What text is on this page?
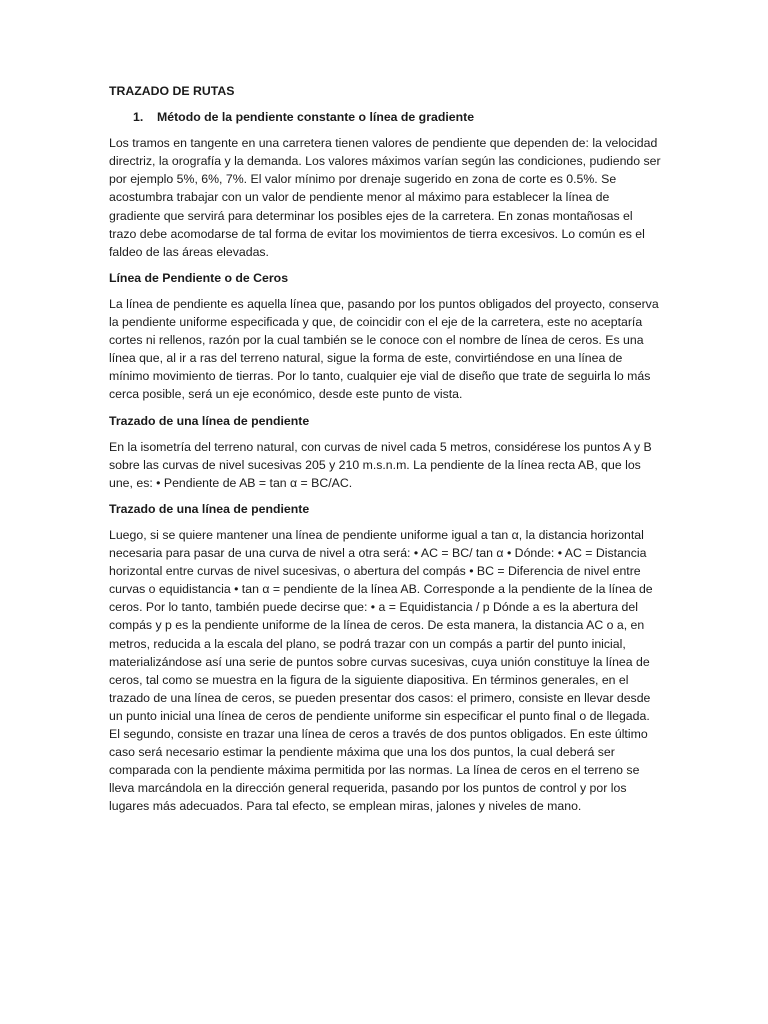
TRAZADO DE RUTAS

1.	Método de la pendiente constante o línea de gradiente

Los tramos en tangente en una carretera tienen valores de pendiente que dependen de: la velocidad directriz, la orografía y la demanda. Los valores máximos varían según las condiciones, pudiendo ser por ejemplo 5%, 6%, 7%. El valor mínimo por drenaje sugerido en zona de corte es 0.5%. Se acostumbra trabajar con un valor de pendiente menor al máximo para establecer la línea de gradiente que servirá para determinar los posibles ejes de la carretera. En zonas montañosas el trazo debe acomodarse de tal forma de evitar los movimientos de tierra excesivos. Lo común es el faldeo de las áreas elevadas.

Línea de Pendiente o de Ceros

La línea de pendiente es aquella línea que, pasando por los puntos obligados del proyecto, conserva la pendiente uniforme especificada y que, de coincidir con el eje de la carretera, este no aceptaría cortes ni rellenos, razón por la cual también se le conoce con el nombre de línea de ceros. Es una línea que, al ir a ras del terreno natural, sigue la forma de este, convirtiéndose en una línea de mínimo movimiento de tierras. Por lo tanto, cualquier eje vial de diseño que trate de seguirla lo más cerca posible, será un eje económico, desde este punto de vista.

Trazado de una línea de pendiente

En la isometría del terreno natural, con curvas de nivel cada 5 metros, considérese los puntos A y B sobre las curvas de nivel sucesivas 205 y 210 m.s.n.m. La pendiente de la línea recta AB, que los une, es: • Pendiente de AB = tan α = BC/AC.

Trazado de una línea de pendiente

Luego, si se quiere mantener una línea de pendiente uniforme igual a tan α, la distancia horizontal necesaria para pasar de una curva de nivel a otra será: • AC = BC/ tan α • Dónde: • AC = Distancia horizontal entre curvas de nivel sucesivas, o abertura del compás • BC = Diferencia de nivel entre curvas o equidistancia • tan α = pendiente de la línea AB. Corresponde a la pendiente de la línea de ceros. Por lo tanto, también puede decirse que: • a = Equidistancia / p Dónde a es la abertura del compás y p es la pendiente uniforme de la línea de ceros. De esta manera, la distancia AC o a, en metros, reducida a la escala del plano, se podrá trazar con un compás a partir del punto inicial, materializándose así una serie de puntos sobre curvas sucesivas, cuya unión constituye la línea de ceros, tal como se muestra en la figura de la siguiente diapositiva. En términos generales, en el trazado de una línea de ceros, se pueden presentar dos casos: el primero, consiste en llevar desde un punto inicial una línea de ceros de pendiente uniforme sin especificar el punto final o de llegada. El segundo, consiste en trazar una línea de ceros a través de dos puntos obligados. En este último caso será necesario estimar la pendiente máxima que una los dos puntos, la cual deberá ser comparada con la pendiente máxima permitida por las normas. La línea de ceros en el terreno se lleva marcándola en la dirección general requerida, pasando por los puntos de control y por los lugares más adecuados. Para tal efecto, se emplean miras, jalones y niveles de mano.
